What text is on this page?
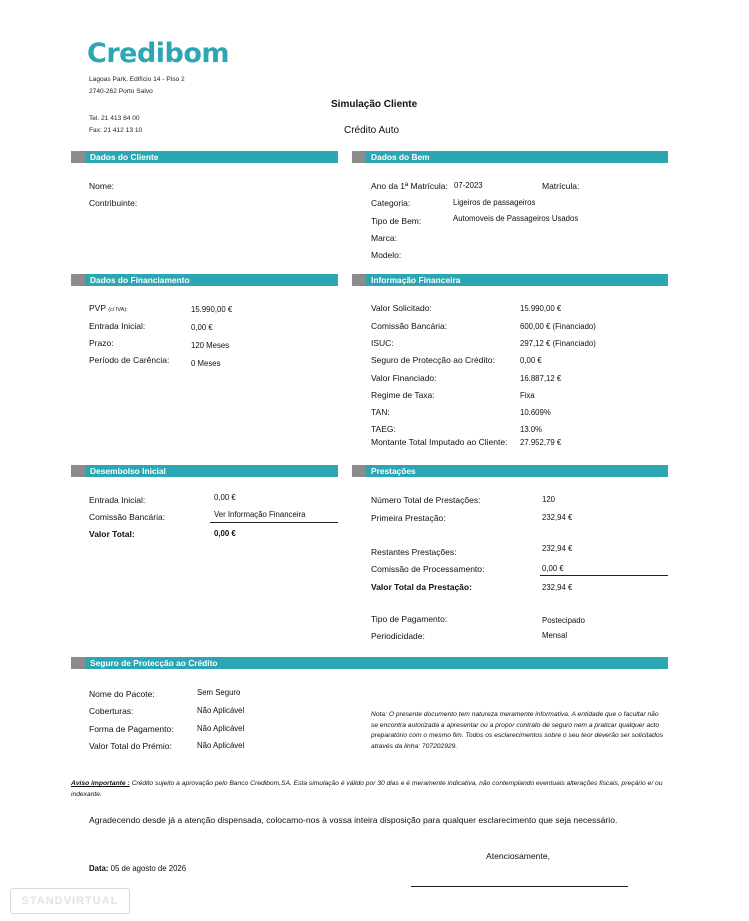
Credibom
Lagoas Park, Edifício 14 - Piso 2
2740-262 Porto Salvo
Tel. 21 413 84 00
Fax: 21 412 13 10
Simulação Cliente
Crédito Auto
Dados do Cliente	Dados do Bem
Dados do Financiamento	Informação Financeira
Desembolso Inicial	Prestações
Seguro de Protecção ao Crédito
Nome:
Contribuinte:
Ano da 1ª Matrícula: 07-2023	Matrícula:
Categoria:	Ligeiros de passageiros
Tipo de Bem:	Automoveis de Passageiros Usados
Marca:
Modelo:
PVP (c/ IVA):	15.990,00 €
Entrada Inicial:	0,00 €
Prazo:	120 Meses
Período de Carência:	0 Meses
Valor Solicitado:	15.990,00 €
Comissão Bancária:	600,00 € (Financiado)
ISUC:	297,12 € (Financiado)
Seguro de Protecção ao Crédito:	0,00 €
Valor Financiado:	16.887,12 €
Regime de Taxa:	Fixa
TAN:	10.609%
TAEG:	13.0%
Montante Total Imputado ao Cliente: 27.952,79 €
Entrada Inicial:	0,00 €
Comissão Bancária:	Ver Informação Financeira
Valor Total:	0,00 €
Número Total de Prestações:	120
Primeira Prestação:	232,94 €
Restantes Prestações:	232,94 €
Comissão de Processamento:	0,00 €
Valor Total da Prestação:	232,94 €
Tipo de Pagamento:	Postecipado
Periodicidade:	Mensal
Nome do Pacote:	Sem Seguro
Coberturas:	Não Aplicável
Forma de Pagamento:	Não Aplicável
Valor Total do Prémio:	Não Aplicável
Nota: O presente documento tem natureza meramente informativa. A entidade que o facultar não se encontra autorizada a apresentar ou a propor contrato de seguro nem a praticar qualquer acto preparatório com o mesmo fim. Todos os esclarecimentos sobre o seu teor deverão ser solicitados através da linha: 707202929.
Aviso importante : Crédito sujeito a aprovação pelo Banco Credibom,SA. Esta simulação é válido por 30 dias e é meramente indicativa, não contemplando eventuais alterações fiscais, preçário e/ ou indexante.
Agradecendo desde já a atenção dispensada, colocamo-nos à vossa inteira disposição para qualquer esclarecimento que seja necessário.
Atenciosamente,
Data: 05 de agosto de 2026
STANDVIRTUAL
